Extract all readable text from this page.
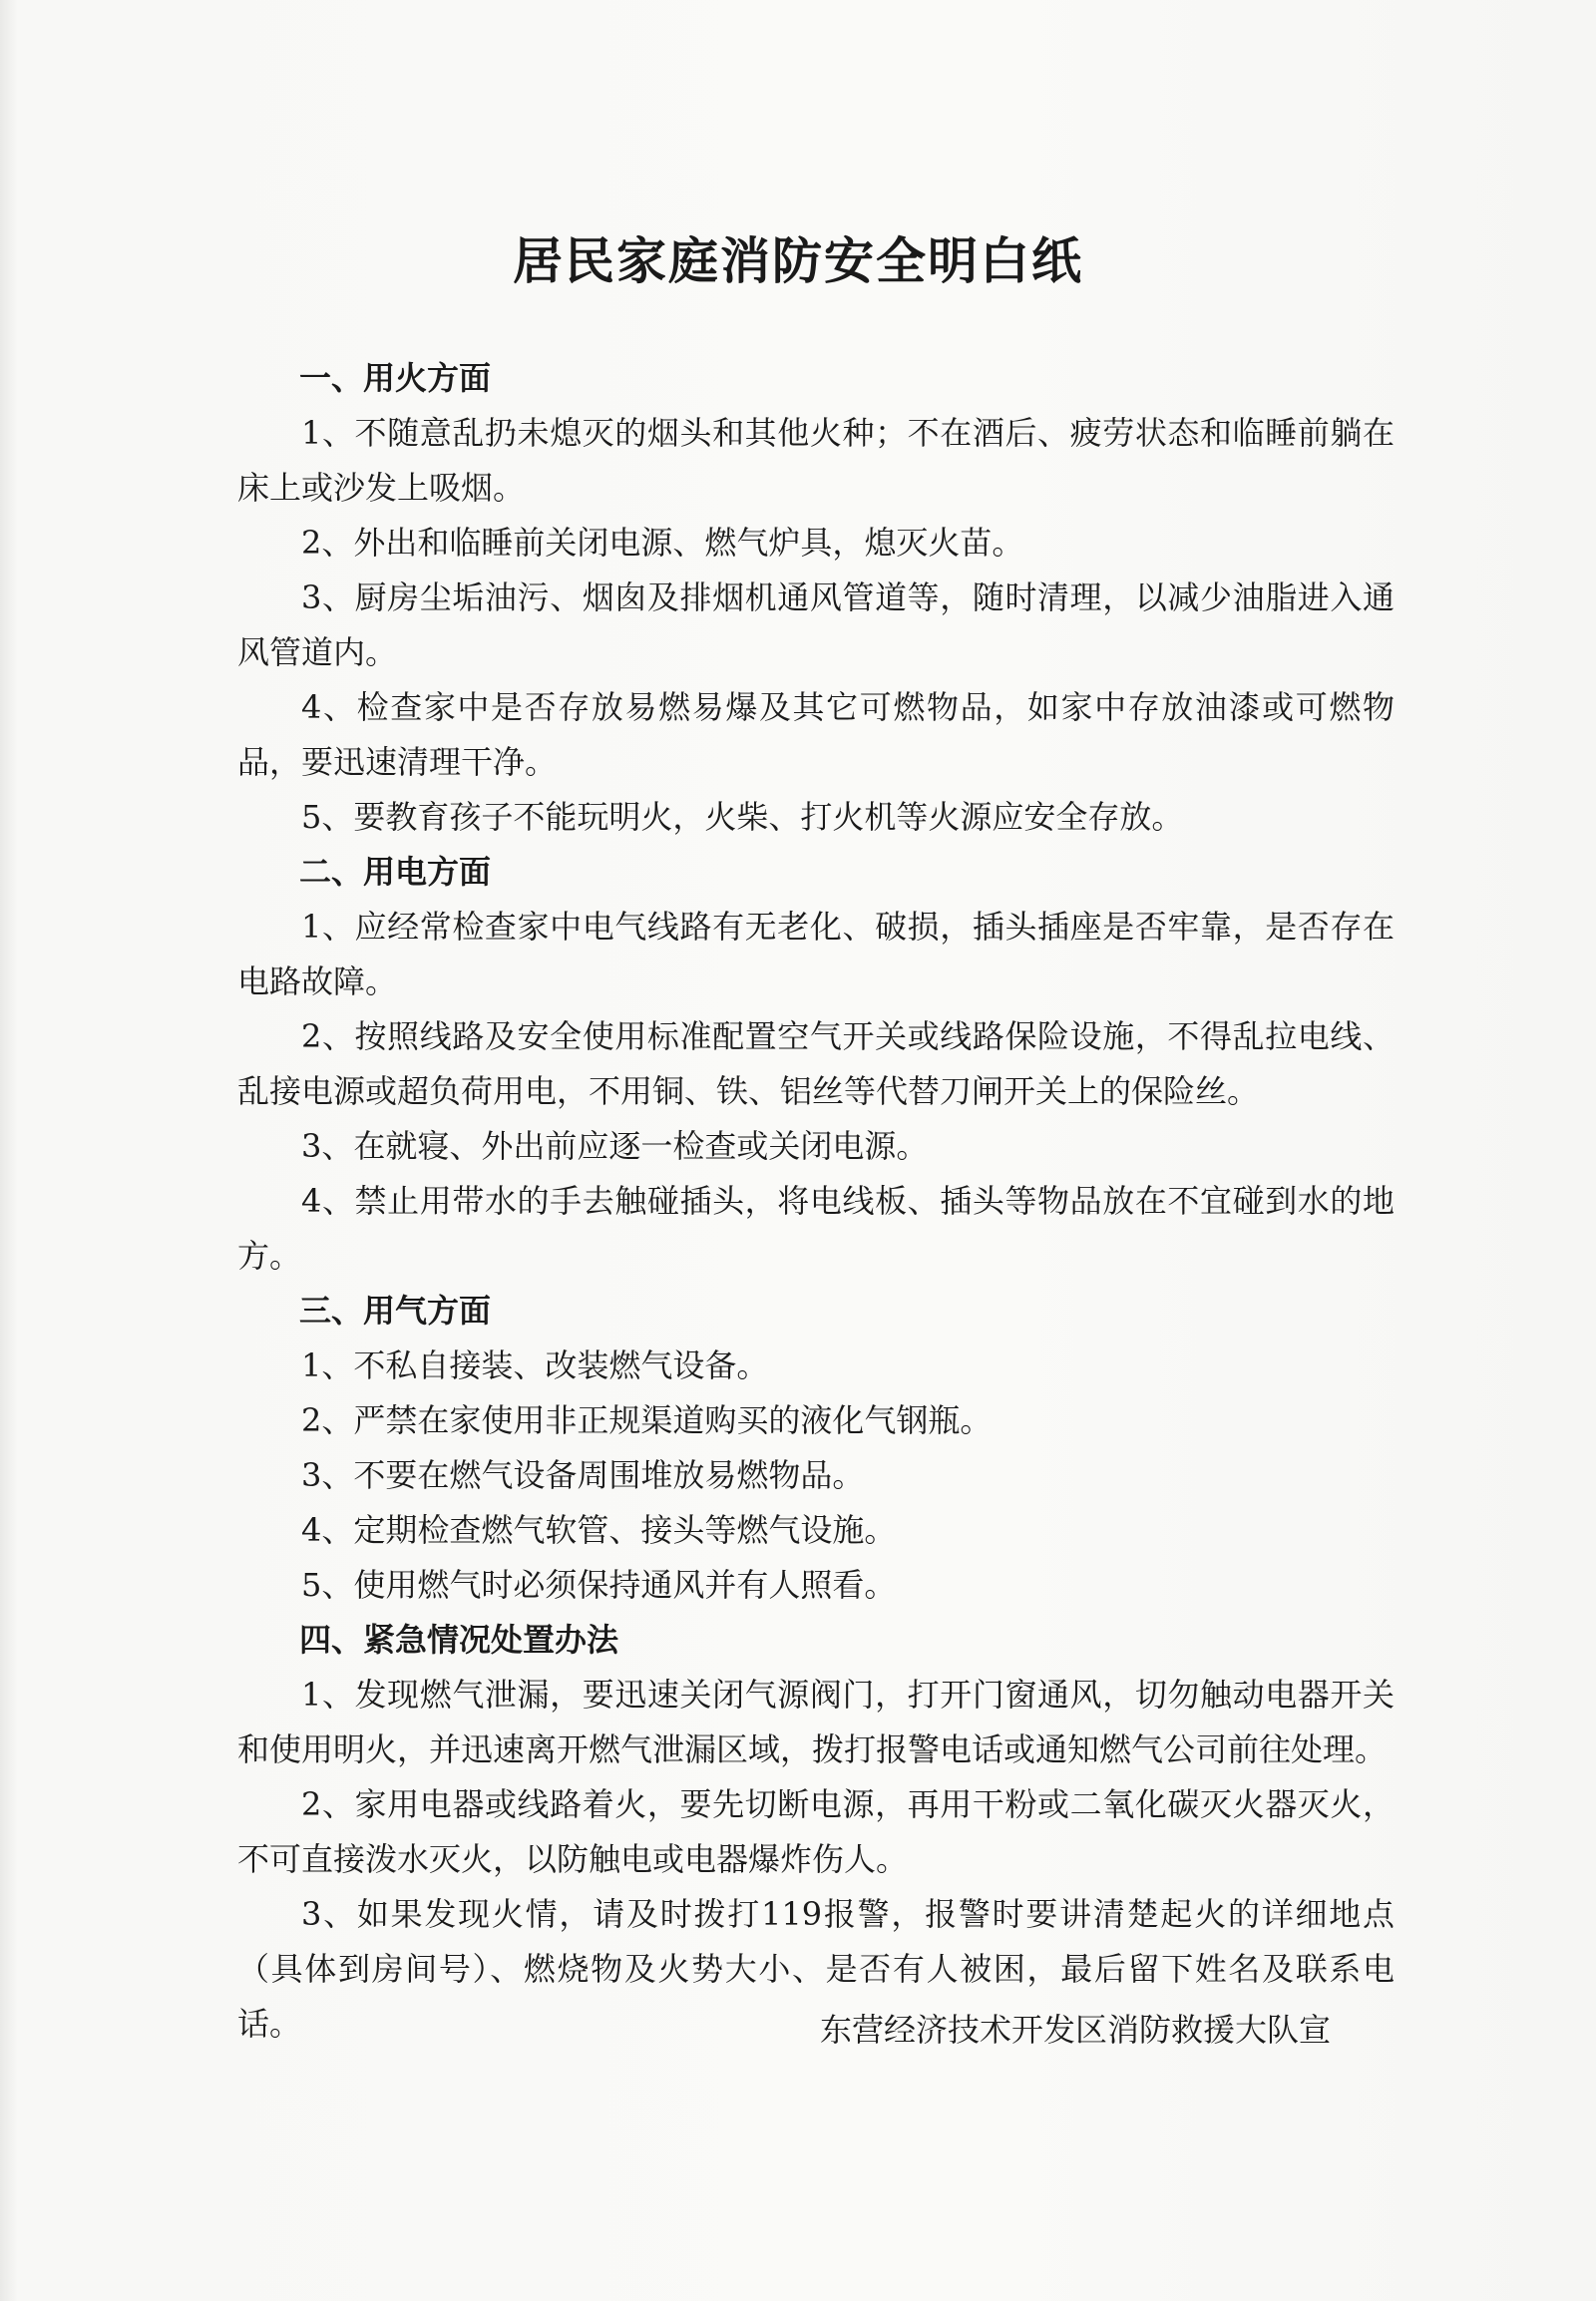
居民家庭消防安全明白纸

一、用火方面

1、不随意乱扔未熄灭的烟头和其他火种；不在酒后、疲劳状态和临睡前躺在床上或沙发上吸烟。

2、外出和临睡前关闭电源、燃气炉具，熄灭火苗。

3、厨房尘垢油污、烟囱及排烟机通风管道等，随时清理，以减少油脂进入通风管道内。

4、检查家中是否存放易燃易爆及其它可燃物品，如家中存放油漆或可燃物品，要迅速清理干净。

5、要教育孩子不能玩明火，火柴、打火机等火源应安全存放。

二、用电方面

1、应经常检查家中电气线路有无老化、破损，插头插座是否牢靠，是否存在电路故障。

2、按照线路及安全使用标准配置空气开关或线路保险设施，不得乱拉电线、乱接电源或超负荷用电，不用铜、铁、铝丝等代替刀闸开关上的保险丝。

3、在就寝、外出前应逐一检查或关闭电源。

4、禁止用带水的手去触碰插头，将电线板、插头等物品放在不宜碰到水的地方。

三、用气方面

1、不私自接装、改装燃气设备。

2、严禁在家使用非正规渠道购买的液化气钢瓶。

3、不要在燃气设备周围堆放易燃物品。

4、定期检查燃气软管、接头等燃气设施。

5、使用燃气时必须保持通风并有人照看。

四、紧急情况处置办法

1、发现燃气泄漏，要迅速关闭气源阀门，打开门窗通风，切勿触动电器开关和使用明火，并迅速离开燃气泄漏区域，拨打报警电话或通知燃气公司前往处理。

2、家用电器或线路着火，要先切断电源，再用干粉或二氧化碳灭火器灭火，不可直接泼水灭火，以防触电或电器爆炸伤人。

3、如果发现火情，请及时拨打119报警，报警时要讲清楚起火的详细地点（具体到房间号）、燃烧物及火势大小、是否有人被困，最后留下姓名及联系电话。	东营经济技术开发区消防救援大队宣
